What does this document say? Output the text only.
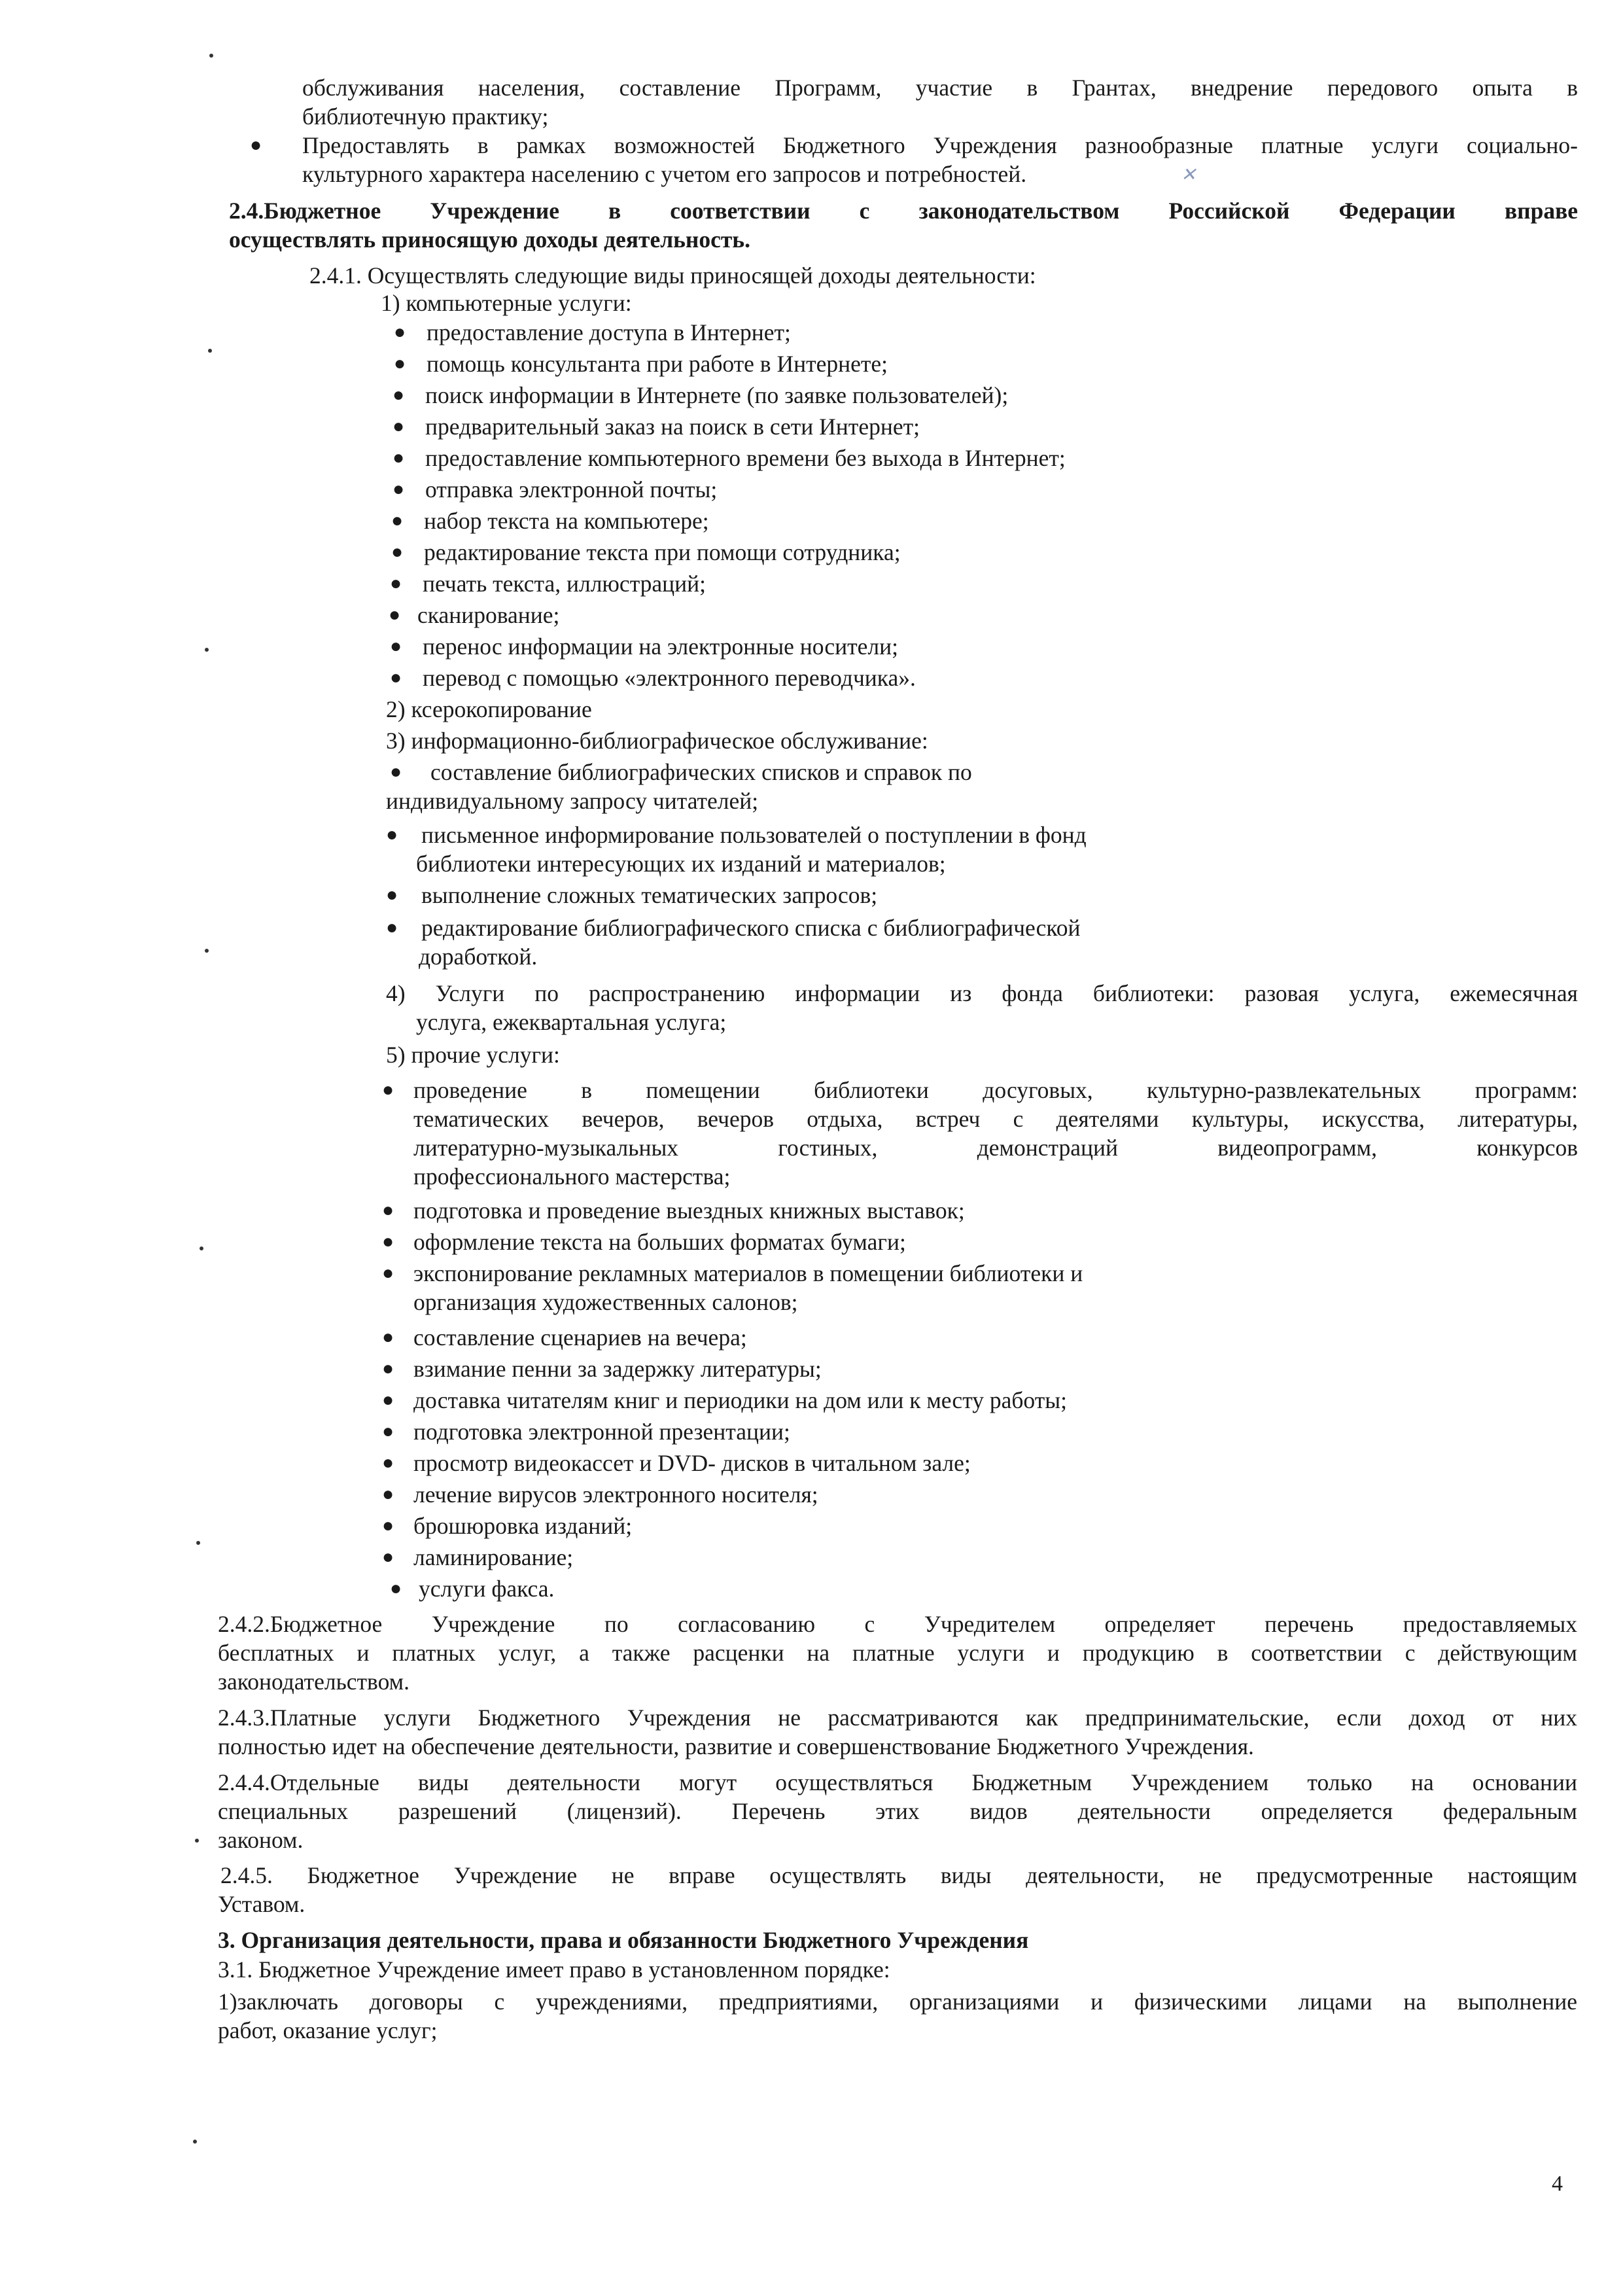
✕
обслуживания населения, составление Программ, участие в Грантах, внедрение передового опыта в
библиотечную практику;
● Предоставлять в рамках возможностей Бюджетного Учреждения разнообразные платные услуги социально-
культурного характера населению с учетом его запросов и потребностей.
2.4.Бюджетное Учреждение в соответствии с законодательством Российской Федерации вправе
осуществлять приносящую доходы деятельность.
2.4.1. Осуществлять следующие виды приносящей доходы деятельности:
1) компьютерные услуги:
● предоставление доступа в Интернет;
● помощь консультанта при работе в Интернете;
● поиск информации в Интернете (по заявке пользователей);
● предварительный заказ на поиск в сети Интернет;
● предоставление компьютерного времени без выхода в Интернет;
● отправка электронной почты;
● набор текста на компьютере;
● редактирование текста при помощи сотрудника;
● печать текста, иллюстраций;
● сканирование;
● перенос информации на электронные носители;
● перевод с помощью «электронного переводчика».
2) ксерокопирование
3) информационно-библиографическое обслуживание:
● составление библиографических списков и справок по
индивидуальному запросу читателей;
● письменное информирование пользователей о поступлении в фонд
библиотеки интересующих их изданий и материалов;
● выполнение сложных тематических запросов;
● редактирование библиографического списка с библиографической
доработкой.
4) Услуги по распространению информации из фонда библиотеки: разовая услуга, ежемесячная
услуга, ежеквартальная услуга;
5) прочие услуги:
● проведение в помещении библиотеки досуговых, культурно-развлекательных программ:
тематических вечеров, вечеров отдыха, встреч с деятелями культуры, искусства, литературы,
литературно-музыкальных гостиных, демонстраций видеопрограмм, конкурсов
профессионального мастерства;
● подготовка и проведение выездных книжных выставок;
● оформление текста на больших форматах бумаги;
● экспонирование рекламных материалов в помещении библиотеки и
организация художественных салонов;
● составление сценариев на вечера;
● взимание пенни за задержку литературы;
● доставка читателям книг и периодики на дом или к месту работы;
● подготовка электронной презентации;
● просмотр видеокассет и DVD- дисков в читальном зале;
● лечение вирусов электронного носителя;
● брошюровка изданий;
● ламинирование;
● услуги факса.
2.4.2.Бюджетное Учреждение по согласованию с Учредителем определяет перечень предоставляемых
бесплатных и платных услуг, а также расценки на платные услуги и продукцию в соответствии с действующим
законодательством.
2.4.3.Платные услуги Бюджетного Учреждения не рассматриваются как предпринимательские, если доход от них
полностью идет на обеспечение деятельности, развитие и совершенствование Бюджетного Учреждения.
2.4.4.Отдельные виды деятельности могут осуществляться Бюджетным Учреждением только на основании
специальных разрешений (лицензий). Перечень этих видов деятельности определяется федеральным
законом.
2.4.5. Бюджетное Учреждение не вправе осуществлять виды деятельности, не предусмотренные настоящим
Уставом.
3. Организация деятельности, права и обязанности Бюджетного Учреждения
3.1. Бюджетное Учреждение имеет право в установленном порядке:
1)заключать договоры с учреждениями, предприятиями, организациями и физическими лицами на выполнение
работ, оказание услуг;
4
